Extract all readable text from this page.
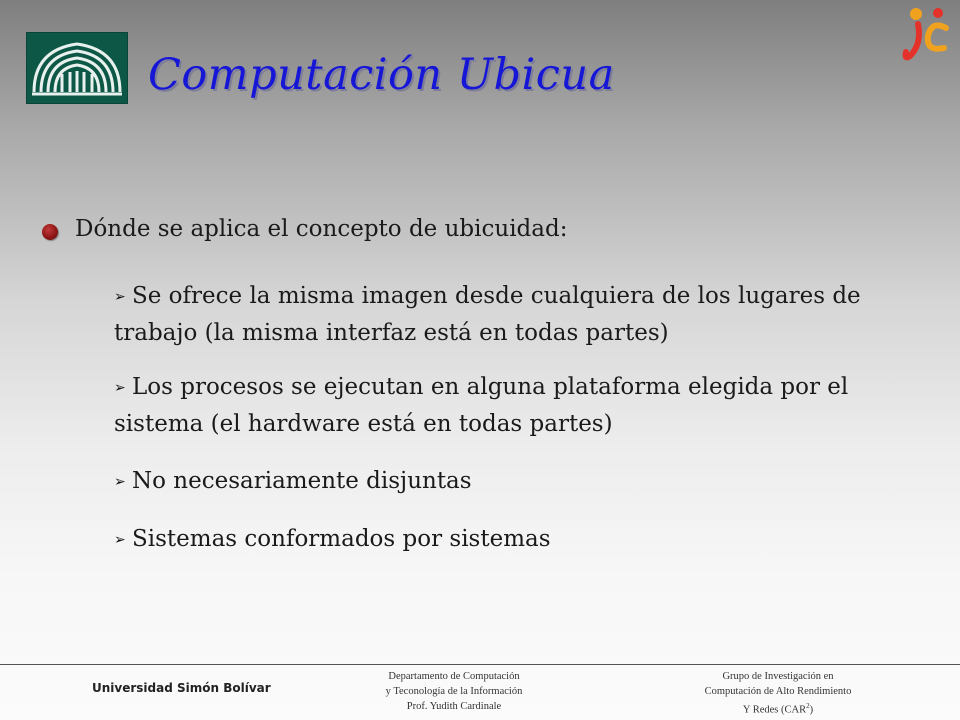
Computación Ubicua
Dónde se aplica el concepto de ubicuidad:
➢ Se ofrece la misma imagen desde cualquiera de los lugares de trabajo (la misma interfaz está en todas partes)
➢ Los procesos se ejecutan en alguna plataforma elegida por el sistema (el hardware está en todas partes)
➢ No necesariamente disjuntas
➢ Sistemas conformados por sistemas
Universidad Simón Bolívar
Departamento de Computación
y Teconología de la Información
Prof. Yudith Cardinale
Grupo de Investigación en
Computación de Alto Rendimiento
Y Redes (CAR$^2$)
